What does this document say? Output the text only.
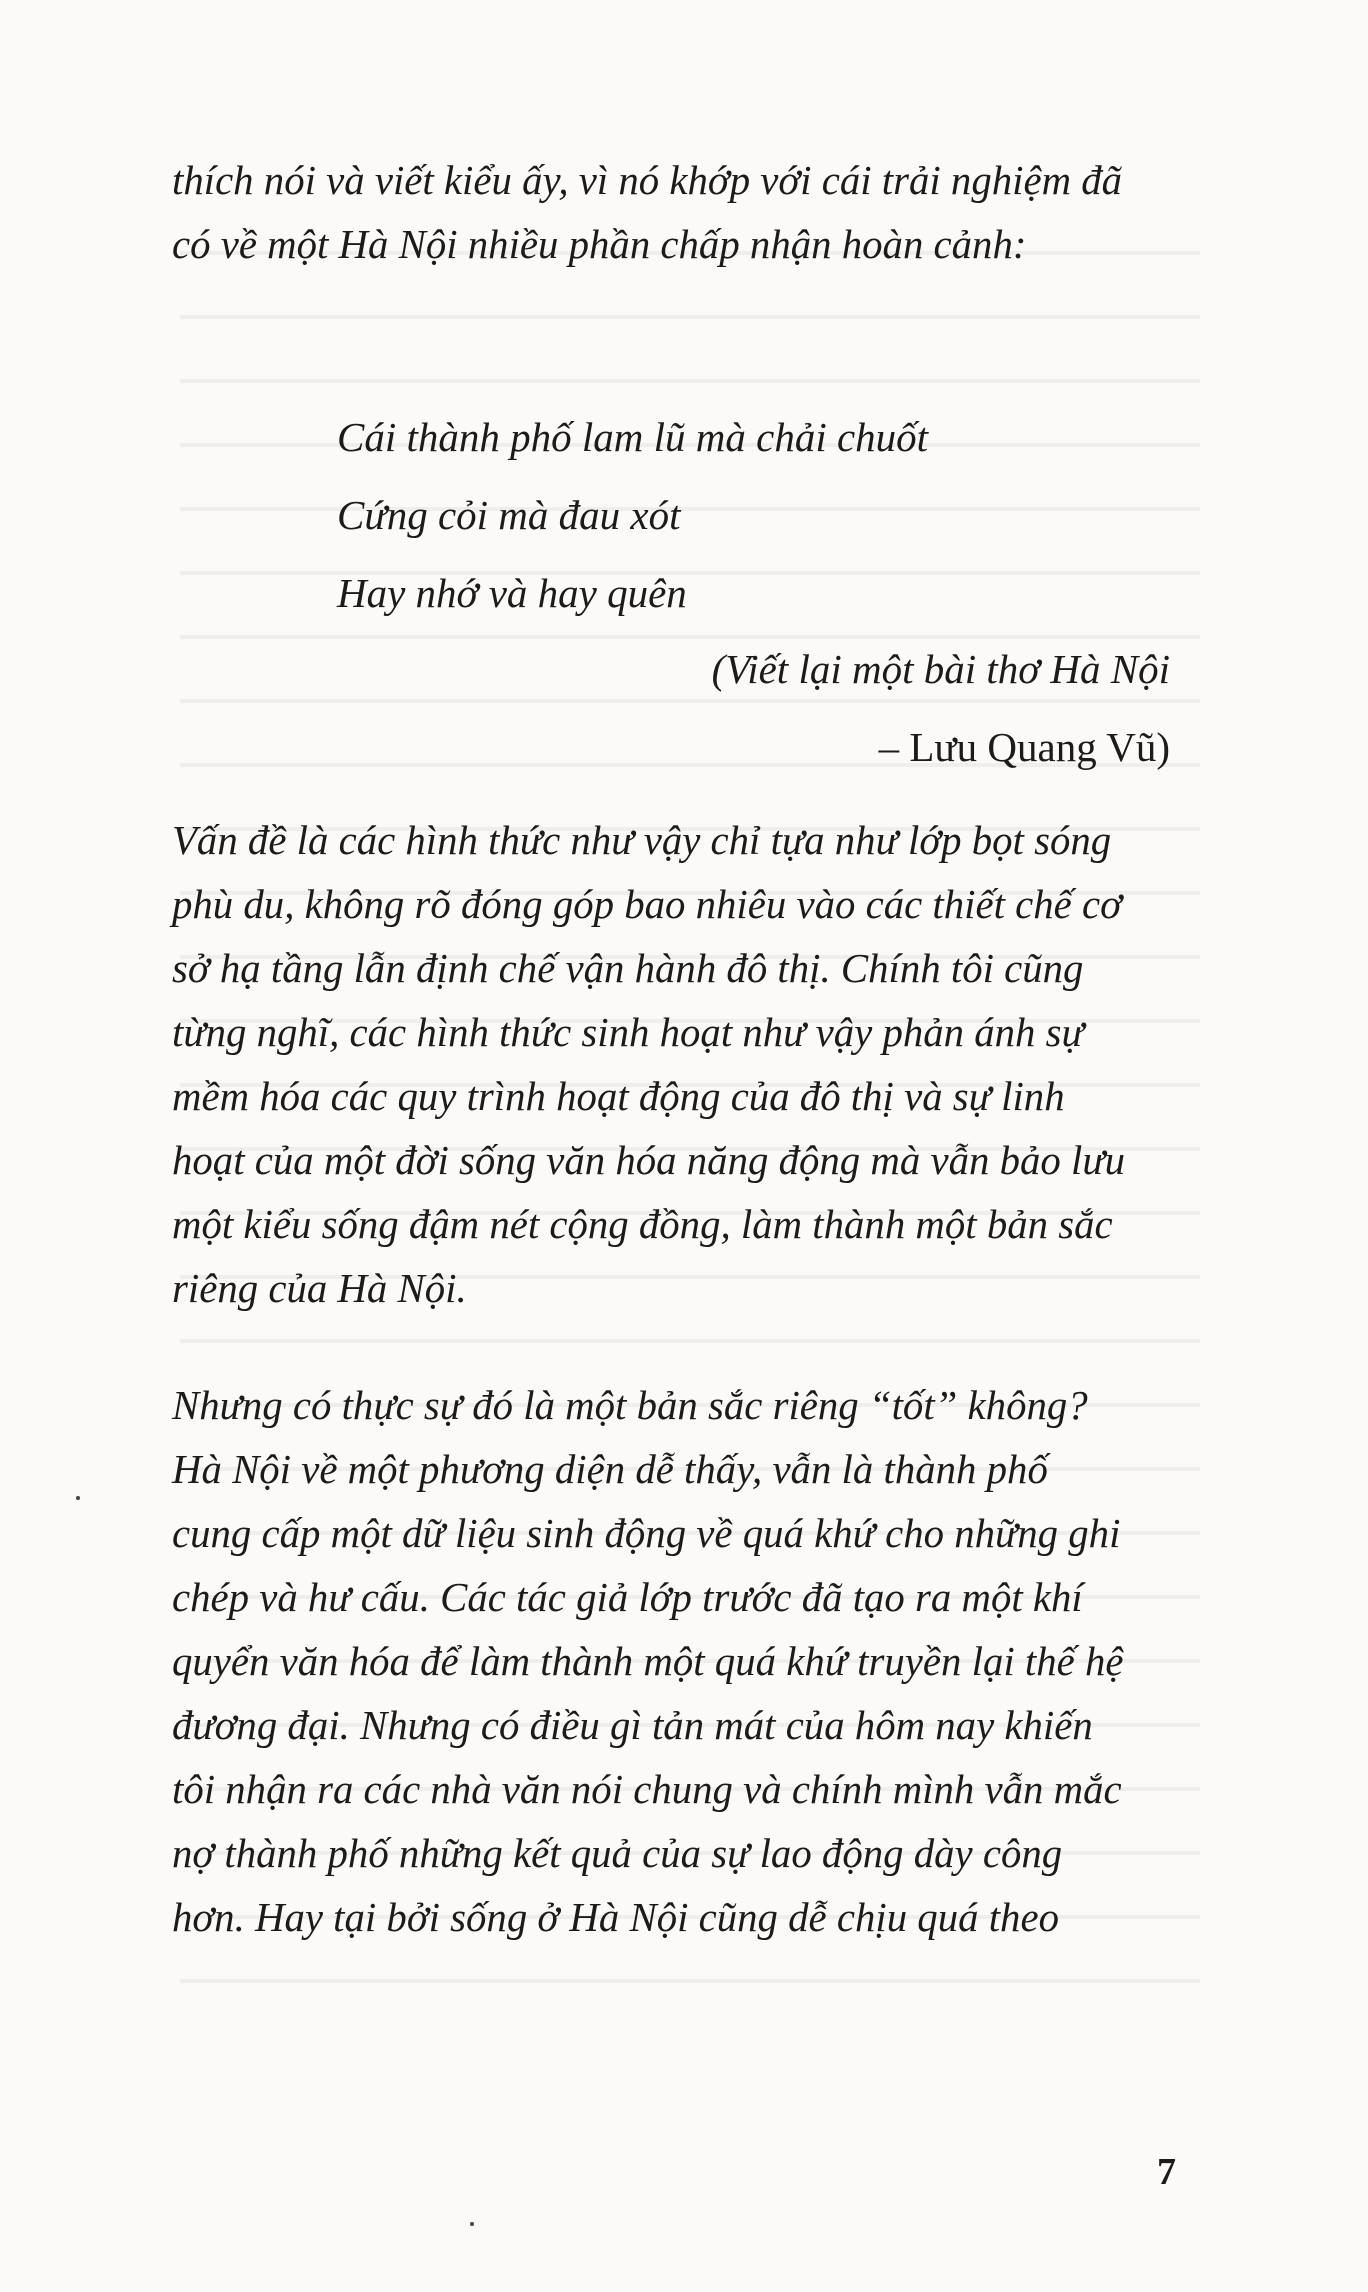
thích nói và viết kiểu ấy, vì nó khớp với cái trải nghiệm đã
có về một Hà Nội nhiều phần chấp nhận hoàn cảnh:
Cái thành phố lam lũ mà chải chuốt
Cứng cỏi mà đau xót
Hay nhớ và hay quên
(Viết lại một bài thơ Hà Nội
– Lưu Quang Vũ)
Vấn đề là các hình thức như vậy chỉ tựa như lớp bọt sóng
phù du, không rõ đóng góp bao nhiêu vào các thiết chế cơ
sở hạ tầng lẫn định chế vận hành đô thị. Chính tôi cũng
từng nghĩ, các hình thức sinh hoạt như vậy phản ánh sự
mềm hóa các quy trình hoạt động của đô thị và sự linh
hoạt của một đời sống văn hóa năng động mà vẫn bảo lưu
một kiểu sống đậm nét cộng đồng, làm thành một bản sắc
riêng của Hà Nội.
Nhưng có thực sự đó là một bản sắc riêng “tốt” không?
Hà Nội về một phương diện dễ thấy, vẫn là thành phố
cung cấp một dữ liệu sinh động về quá khứ cho những ghi
chép và hư cấu. Các tác giả lớp trước đã tạo ra một khí
quyển văn hóa để làm thành một quá khứ truyền lại thế hệ
đương đại. Nhưng có điều gì tản mát của hôm nay khiến
tôi nhận ra các nhà văn nói chung và chính mình vẫn mắc
nợ thành phố những kết quả của sự lao động dày công
hơn. Hay tại bởi sống ở Hà Nội cũng dễ chịu quá theo
7
